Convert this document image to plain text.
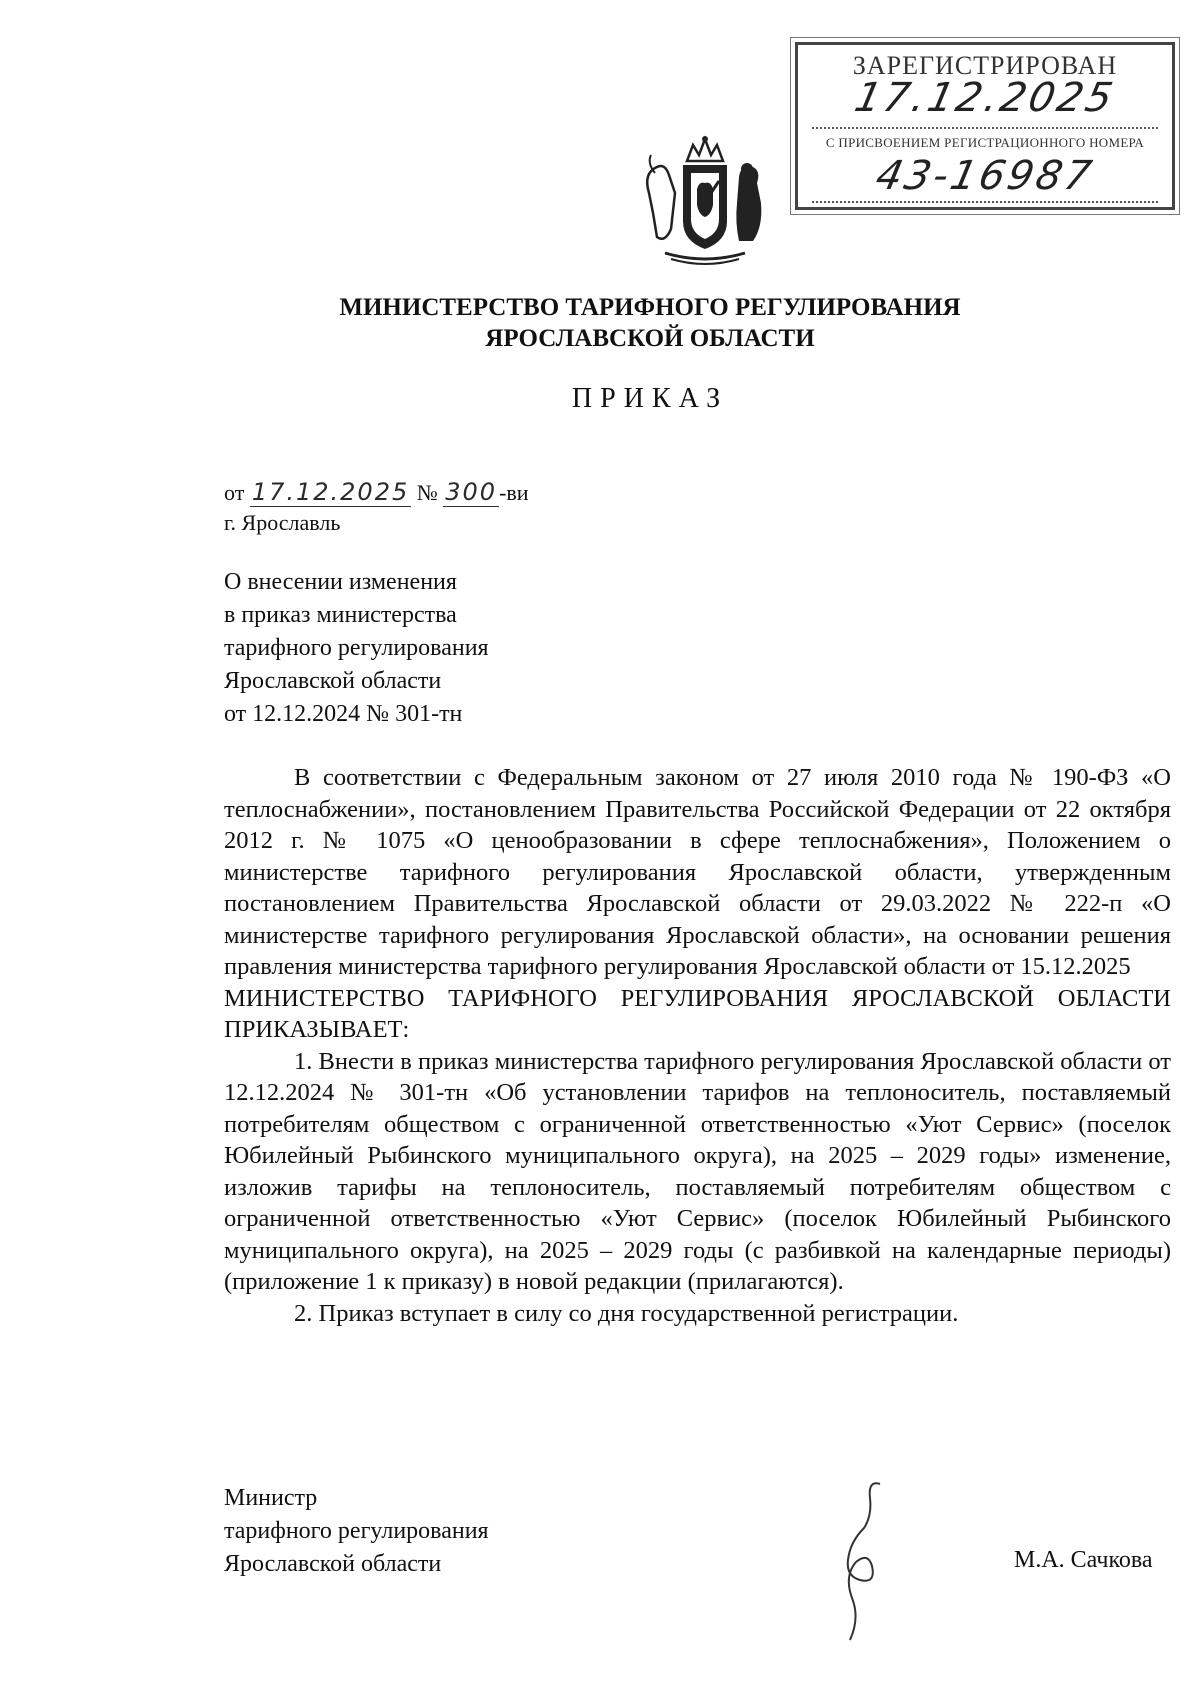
ЗАРЕГИСТРИРОВАН
17.12.2025
С ПРИСВОЕНИЕМ РЕГИСТРАЦИОННОГО НОМЕРА
43-16987
МИНИСТЕРСТВО ТАРИФНОГО РЕГУЛИРОВАНИЯ
ЯРОСЛАВСКОЙ ОБЛАСТИ
ПРИКАЗ
от 17.12.2025 № 300-ви
г. Ярославль
О внесении изменения
в приказ министерства
тарифного регулирования
Ярославской области
от 12.12.2024 № 301-тн

В соответствии с Федеральным законом от 27 июля 2010 года № 190-ФЗ «О теплоснабжении», постановлением Правительства Российской Федерации от 22 октября 2012 г. № 1075 «О ценообразовании в сфере теплоснабжения», Положением о министерстве тарифного регулирования Ярославской области, утвержденным постановлением Правительства Ярославской области от 29.03.2022 № 222-п «О министерстве тарифного регулирования Ярославской области», на основании решения правления министерства тарифного регулирования Ярославской области от 15.12.2025

МИНИСТЕРСТВО ТАРИФНОГО РЕГУЛИРОВАНИЯ ЯРОСЛАВСКОЙ ОБЛАСТИ ПРИКАЗЫВАЕТ:

1. Внести в приказ министерства тарифного регулирования Ярославской области от 12.12.2024 № 301-тн «Об установлении тарифов на теплоноситель, поставляемый потребителям обществом с ограниченной ответственностью «Уют Сервис» (поселок Юбилейный Рыбинского муниципального округа), на 2025 – 2029 годы» изменение, изложив тарифы на теплоноситель, поставляемый потребителям обществом с ограниченной ответственностью «Уют Сервис» (поселок Юбилейный Рыбинского муниципального округа), на 2025 – 2029 годы (с разбивкой на календарные периоды) (приложение 1 к приказу) в новой редакции (прилагаются).

2. Приказ вступает в силу со дня государственной регистрации.

Министр
тарифного регулирования
Ярославской области	М.А. Сачкова
